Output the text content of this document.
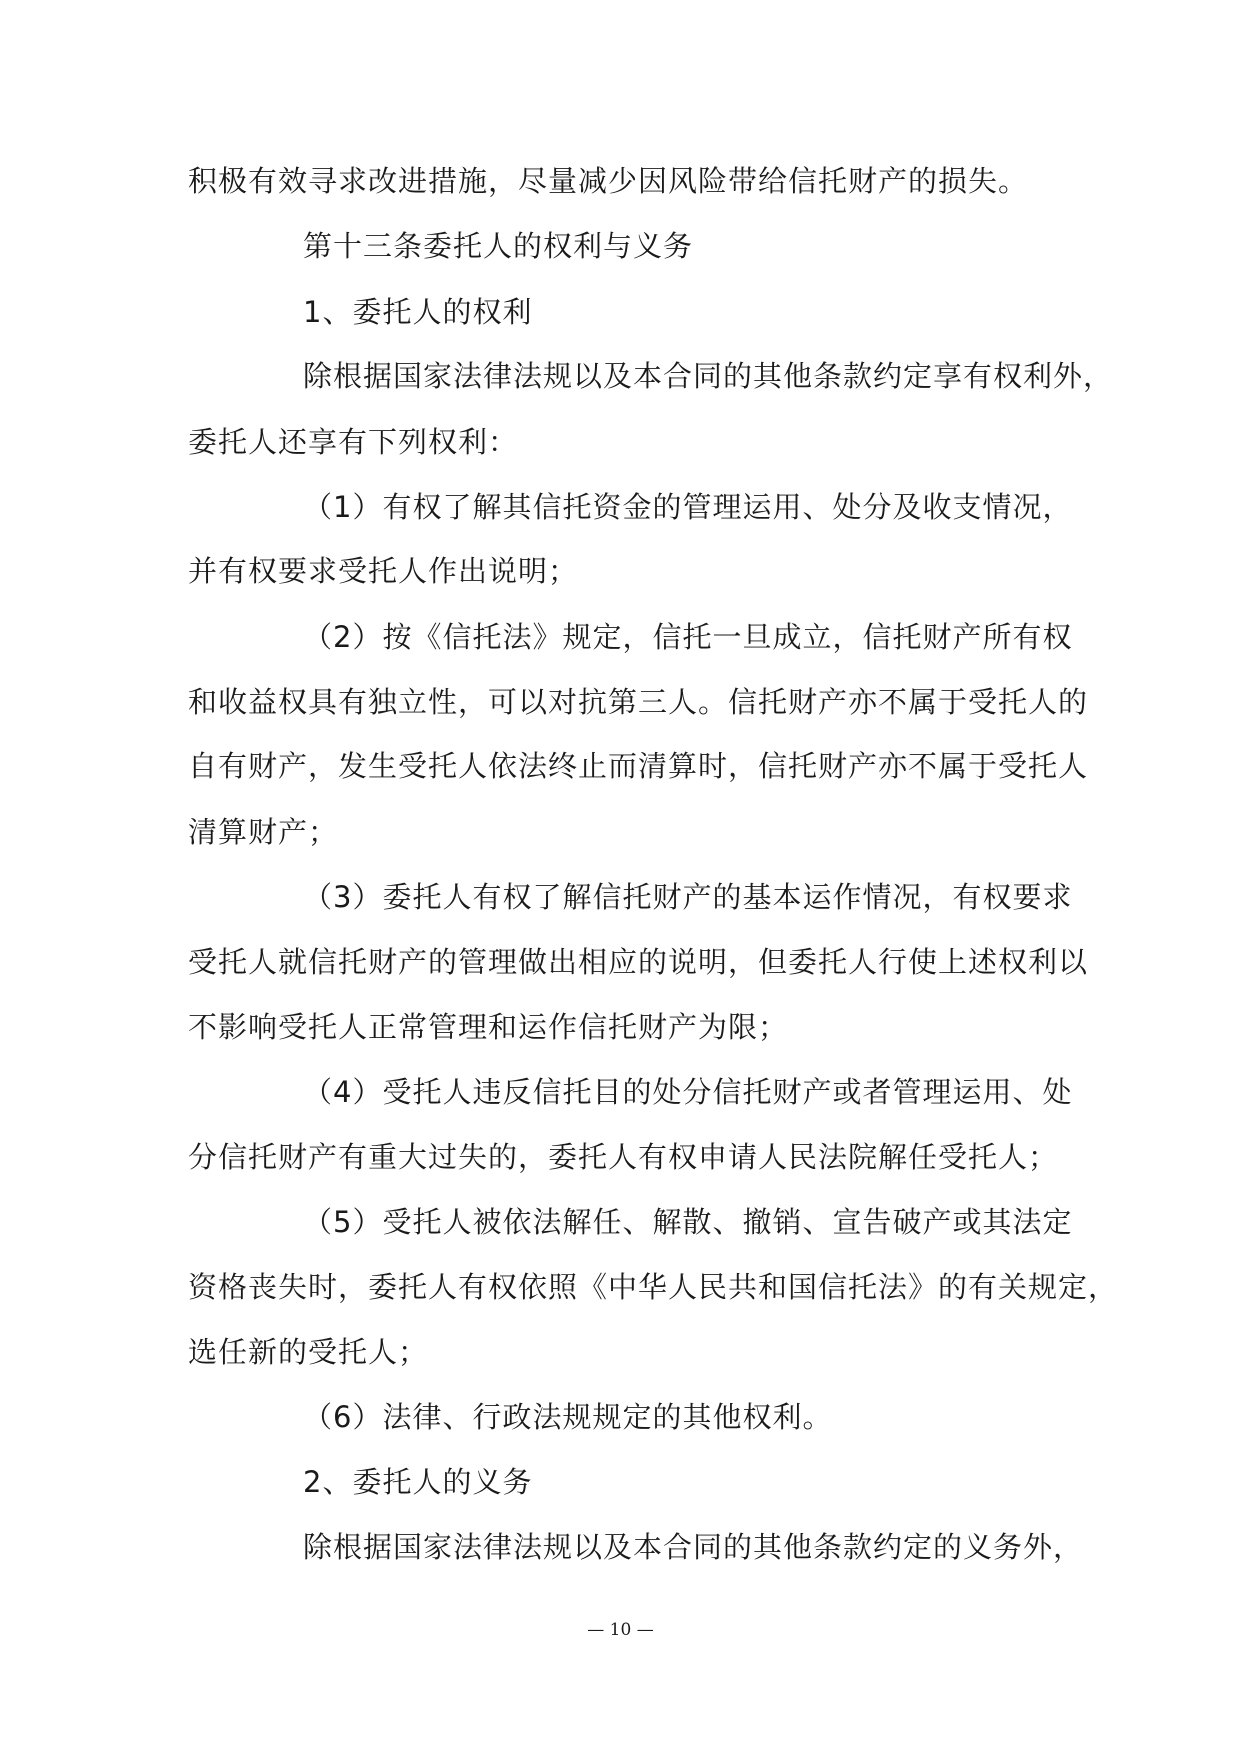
积极有效寻求改进措施，尽量减少因风险带给信托财产的损失。
第十三条委托人的权利与义务
1、委托人的权利
除根据国家法律法规以及本合同的其他条款约定享有权利外，
委托人还享有下列权利：
（1）有权了解其信托资金的管理运用、处分及收支情况，
并有权要求受托人作出说明；
（2）按《信托法》规定，信托一旦成立，信托财产所有权
和收益权具有独立性，可以对抗第三人。信托财产亦不属于受托人的
自有财产，发生受托人依法终止而清算时，信托财产亦不属于受托人
清算财产；
（3）委托人有权了解信托财产的基本运作情况，有权要求
受托人就信托财产的管理做出相应的说明，但委托人行使上述权利以
不影响受托人正常管理和运作信托财产为限；
（4）受托人违反信托目的处分信托财产或者管理运用、处
分信托财产有重大过失的，委托人有权申请人民法院解任受托人；
（5）受托人被依法解任、解散、撤销、宣告破产或其法定
资格丧失时，委托人有权依照《中华人民共和国信托法》的有关规定，
选任新的受托人；
（6）法律、行政法规规定的其他权利。
2、委托人的义务
除根据国家法律法规以及本合同的其他条款约定的义务外，
— 10 —
